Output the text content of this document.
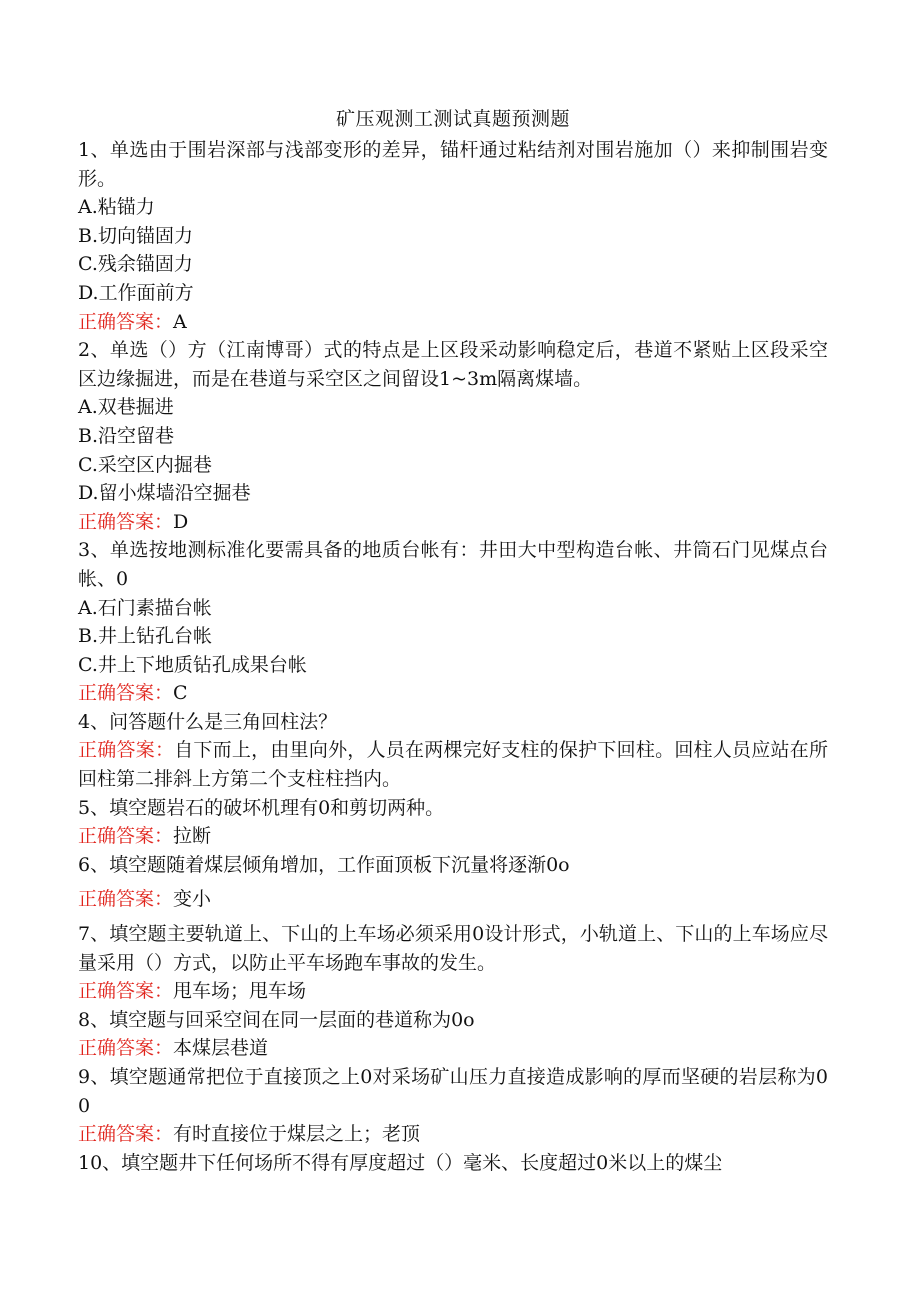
矿压观测工测试真题预测题
1、单选由于围岩深部与浅部变形的差异，锚杆通过粘结剂对围岩施加（）来抑制围岩变形。
A.粘锚力
B.切向锚固力
C.残余锚固力
D.工作面前方
正确答案：A
2、单选（）方（江南博哥）式的特点是上区段采动影响稳定后，巷道不紧贴上区段采空区边缘掘进，而是在巷道与采空区之间留设1~3m隔离煤墙。
A.双巷掘进
B.沿空留巷
C.采空区内掘巷
D.留小煤墙沿空掘巷
正确答案：D
3、单选按地测标准化要需具备的地质台帐有：井田大中型构造台帐、井筒石门见煤点台帐、0
A.石门素描台帐
B.井上钻孔台帐
C.井上下地质钻孔成果台帐
正确答案：C
4、问答题什么是三角回柱法？
正确答案：自下而上，由里向外，人员在两棵完好支柱的保护下回柱。回柱人员应站在所回柱第二排斜上方第二个支柱柱挡内。
5、填空题岩石的破坏机理有0和剪切两种。
正确答案：拉断
6、填空题随着煤层倾角增加，工作面顶板下沉量将逐渐0o
正确答案：变小
7、填空题主要轨道上、下山的上车场必须采用0设计形式，小轨道上、下山的上车场应尽量采用（）方式，以防止平车场跑车事故的发生。
正确答案：甩车场；甩车场
8、填空题与回采空间在同一层面的巷道称为0o
正确答案：本煤层巷道
9、填空题通常把位于直接顶之上0对采场矿山压力直接造成影响的厚而坚硬的岩层称为00
正确答案：有时直接位于煤层之上；老顶
10、填空题井下任何场所不得有厚度超过（）毫米、长度超过0米以上的煤尘
